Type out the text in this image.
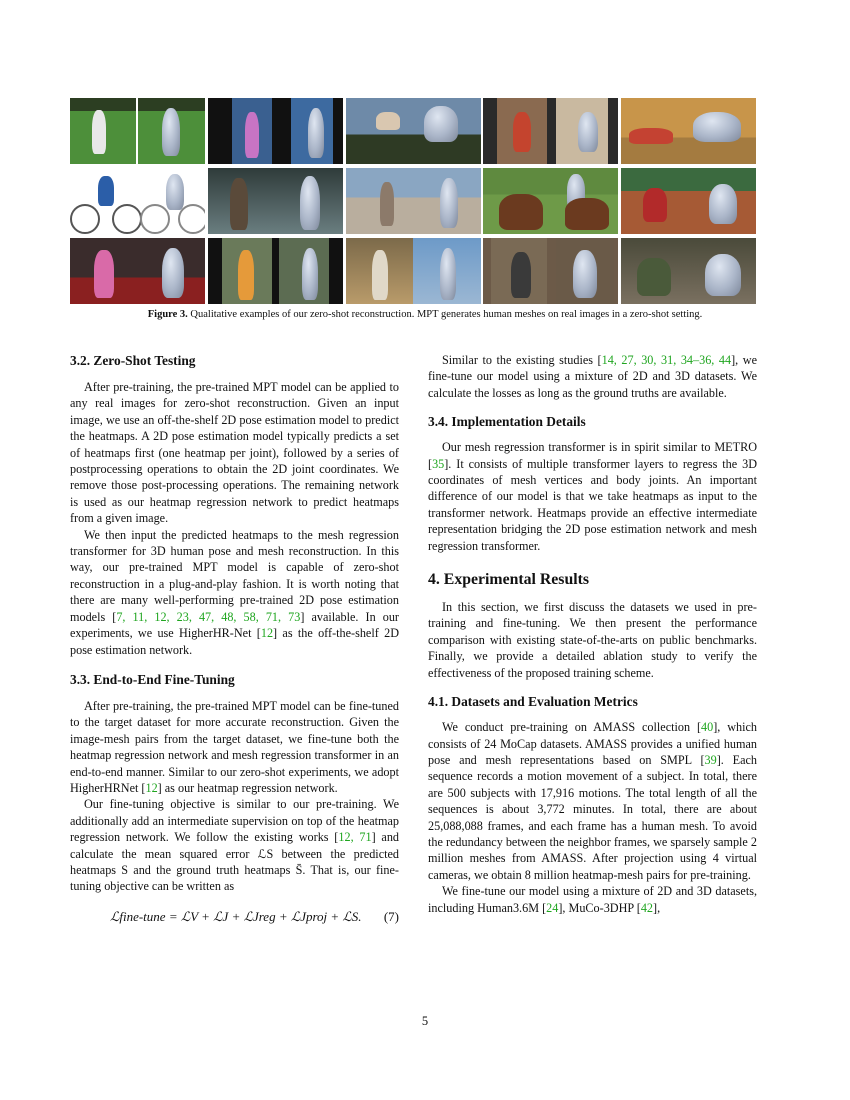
Figure 3. Qualitative examples of our zero-shot reconstruction. MPT generates human meshes on real images in a zero-shot setting.
3.2. Zero-Shot Testing

After pre-training, the pre-trained MPT model can be applied to any real images for zero-shot reconstruction. Given an input image, we use an off-the-shelf 2D pose estimation model to predict the heatmaps. A 2D pose estimation model typically predicts a set of heatmaps first (one heatmap per joint), followed by a series of postprocessing operations to obtain the 2D joint coordinates. We remove those post-processing operations. The remaining network is used as our heatmap regression network to predict heatmaps from a given image.

We then input the predicted heatmaps to the mesh regression transformer for 3D human pose and mesh reconstruction. In this way, our pre-trained MPT model is capable of zero-shot reconstruction in a plug-and-play fashion. It is worth noting that there are many well-performing pre-trained 2D pose estimation models [7, 11, 12, 23, 47, 48, 58, 71, 73] available. In our experiments, we use HigherHR-Net [12] as the off-the-shelf 2D pose estimation network.

3.3. End-to-End Fine-Tuning

After pre-training, the pre-trained MPT model can be fine-tuned to the target dataset for more accurate reconstruction. Given the image-mesh pairs from the target dataset, we fine-tune both the heatmap regression network and mesh regression transformer in an end-to-end manner. Similar to our zero-shot experiments, we adopt HigherHRNet [12] as our heatmap regression network.

Our fine-tuning objective is similar to our pre-training. We additionally add an intermediate supervision on top of the heatmap regression network. We follow the existing works [12, 71] and calculate the mean squared error ℒS between the predicted heatmaps S and the ground truth heatmaps S̄. That is, our fine-tuning objective can be written as

ℒfine-tune = ℒV + ℒJ + ℒJreg + ℒJproj + ℒS. (7)

Similar to the existing studies [14, 27, 30, 31, 34–36, 44], we fine-tune our model using a mixture of 2D and 3D datasets. We calculate the losses as long as the ground truths are available.

3.4. Implementation Details

Our mesh regression transformer is in spirit similar to METRO [35]. It consists of multiple transformer layers to regress the 3D coordinates of mesh vertices and body joints. An important difference of our model is that we take heatmaps as input to the transformer network. Heatmaps provide an effective intermediate representation bridging the 2D pose estimation network and mesh regression transformer.

4. Experimental Results

In this section, we first discuss the datasets we used in pre-training and fine-tuning. We then present the performance comparison with existing state-of-the-arts on public benchmarks. Finally, we provide a detailed ablation study to verify the effectiveness of the proposed training scheme.

4.1. Datasets and Evaluation Metrics

We conduct pre-training on AMASS collection [40], which consists of 24 MoCap datasets. AMASS provides a unified human pose and mesh representations based on SMPL [39]. Each sequence records a motion movement of a subject. In total, there are 500 subjects with 17,916 motions. The total length of all the sequences is about 3,772 minutes. In total, there are about 25,088,088 frames, and each frame has a human mesh. To avoid the redundancy between the neighbor frames, we sparsely sample 2 million meshes from AMASS. After projection using 4 virtual cameras, we obtain 8 million heatmap-mesh pairs for pre-training.

We fine-tune our model using a mixture of 2D and 3D datasets, including Human3.6M [24], MuCo-3DHP [42],

5
